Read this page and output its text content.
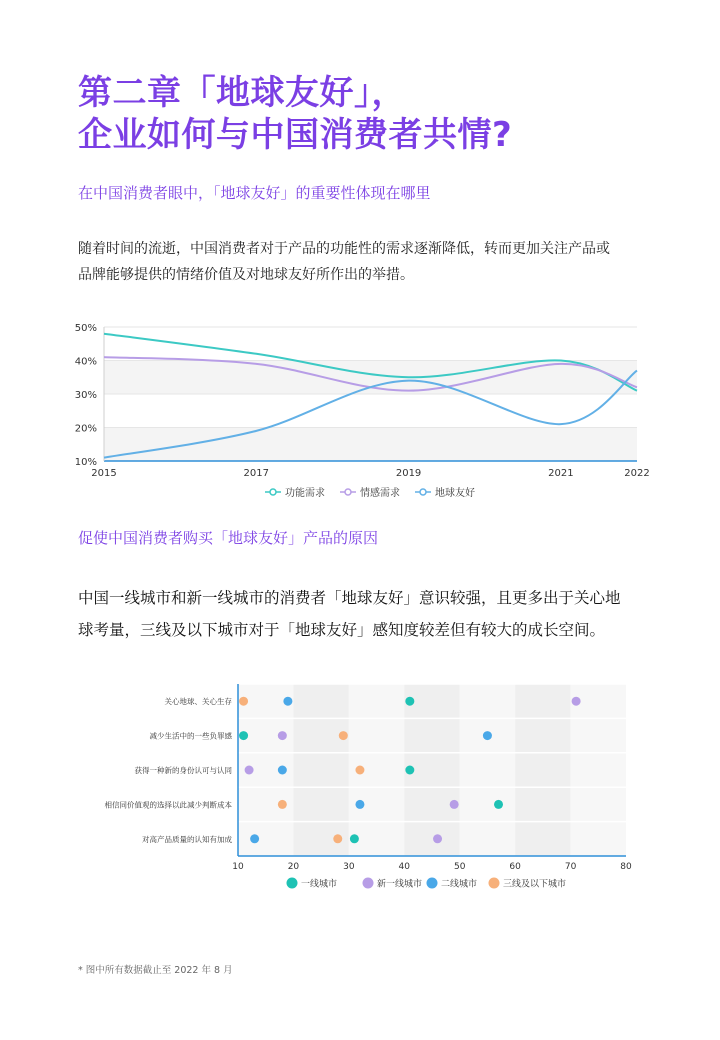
第二章「地球友好」，
企业如何与中国消费者共情?
在中国消费者眼中，「地球友好」的重要性体现在哪里
随着时间的流逝，中国消费者对于产品的功能性的需求逐渐降低，转而更加关注产品或
品牌能够提供的情绪价值及对地球友好所作出的举措。
10%
20%
30%
40%
50%
2015	2017	2019	2021	2022
功能需求	情感需求	地球友好
促使中国消费者购买「地球友好」产品的原因
中国一线城市和新一线城市的消费者「地球友好」意识较强，且更多出于关心地
球考量，三线及以下城市对于「地球友好」感知度较差但有较大的成长空间。
关心地球、关心生存
减少生活中的一些负罪感
获得一种新的身份认可与认同
相信同价值观的选择以此减少判断成本
对高产品质量的认知有加成
10	20	30	40	50	60	70	80
一线城市	新一线城市 二线城市	三线及以下城市
* 图中所有数据截止至 2022 年 8 月
